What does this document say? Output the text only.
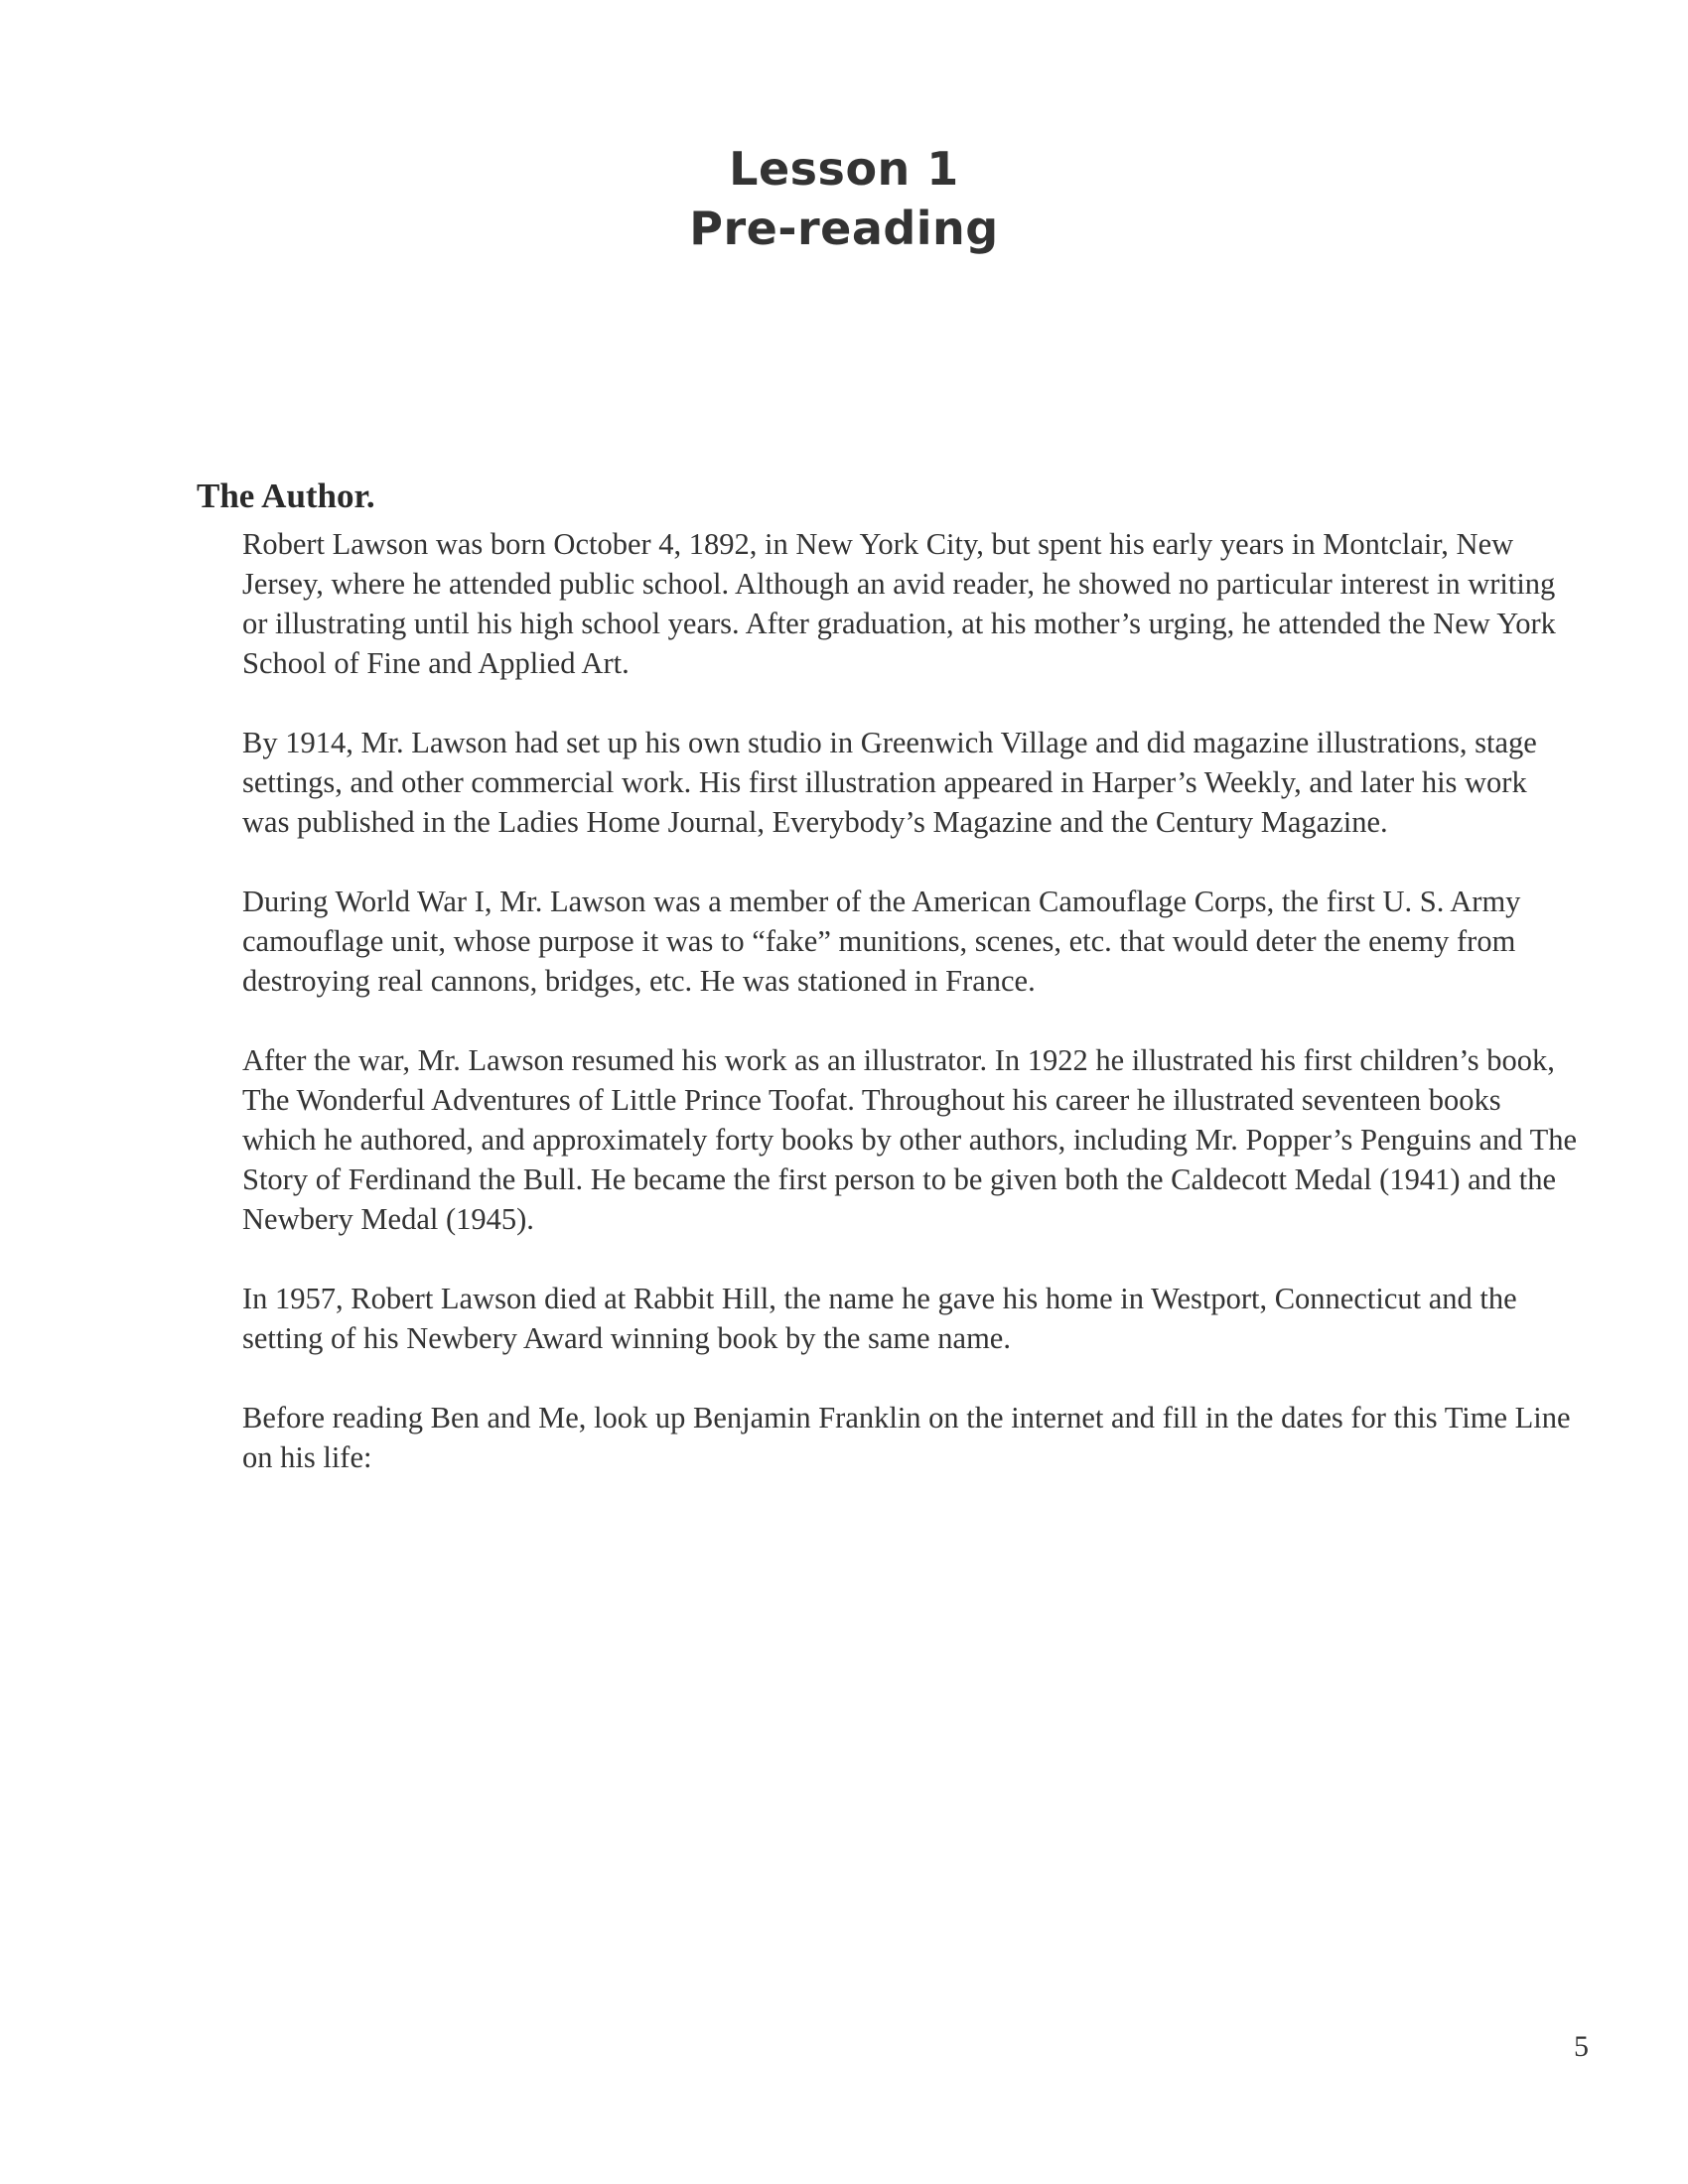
Lesson 1
Pre-reading
The Author.

Robert Lawson was born October 4, 1892, in New York City, but spent his early years in Montclair, New Jersey, where he attended public school. Although an avid reader, he showed no particular interest in writing or illustrating until his high school years. After graduation, at his mother’s urging, he attended the New York School of Fine and Applied Art.

By 1914, Mr. Lawson had set up his own studio in Greenwich Village and did magazine illustrations, stage settings, and other commercial work. His first illustration appeared in Harper’s Weekly, and later his work was published in the Ladies Home Journal, Everybody’s Magazine and the Century Magazine.

During World War I, Mr. Lawson was a member of the American Camouflage Corps, the first U. S. Army camouflage unit, whose purpose it was to “fake” munitions, scenes, etc. that would deter the enemy from destroying real cannons, bridges, etc. He was stationed in France.

After the war, Mr. Lawson resumed his work as an illustrator. In 1922 he illustrated his first children’s book, The Wonderful Adventures of Little Prince Toofat. Throughout his career he illustrated seventeen books which he authored, and approximately forty books by other authors, including Mr. Popper’s Penguins and The Story of Ferdinand the Bull. He became the first person to be given both the Caldecott Medal (1941) and the Newbery Medal (1945).

In 1957, Robert Lawson died at Rabbit Hill, the name he gave his home in Westport, Connecticut and the setting of his Newbery Award winning book by the same name.

Before reading Ben and Me, look up Benjamin Franklin on the internet and fill in the dates for this Time Line on his life:

5
